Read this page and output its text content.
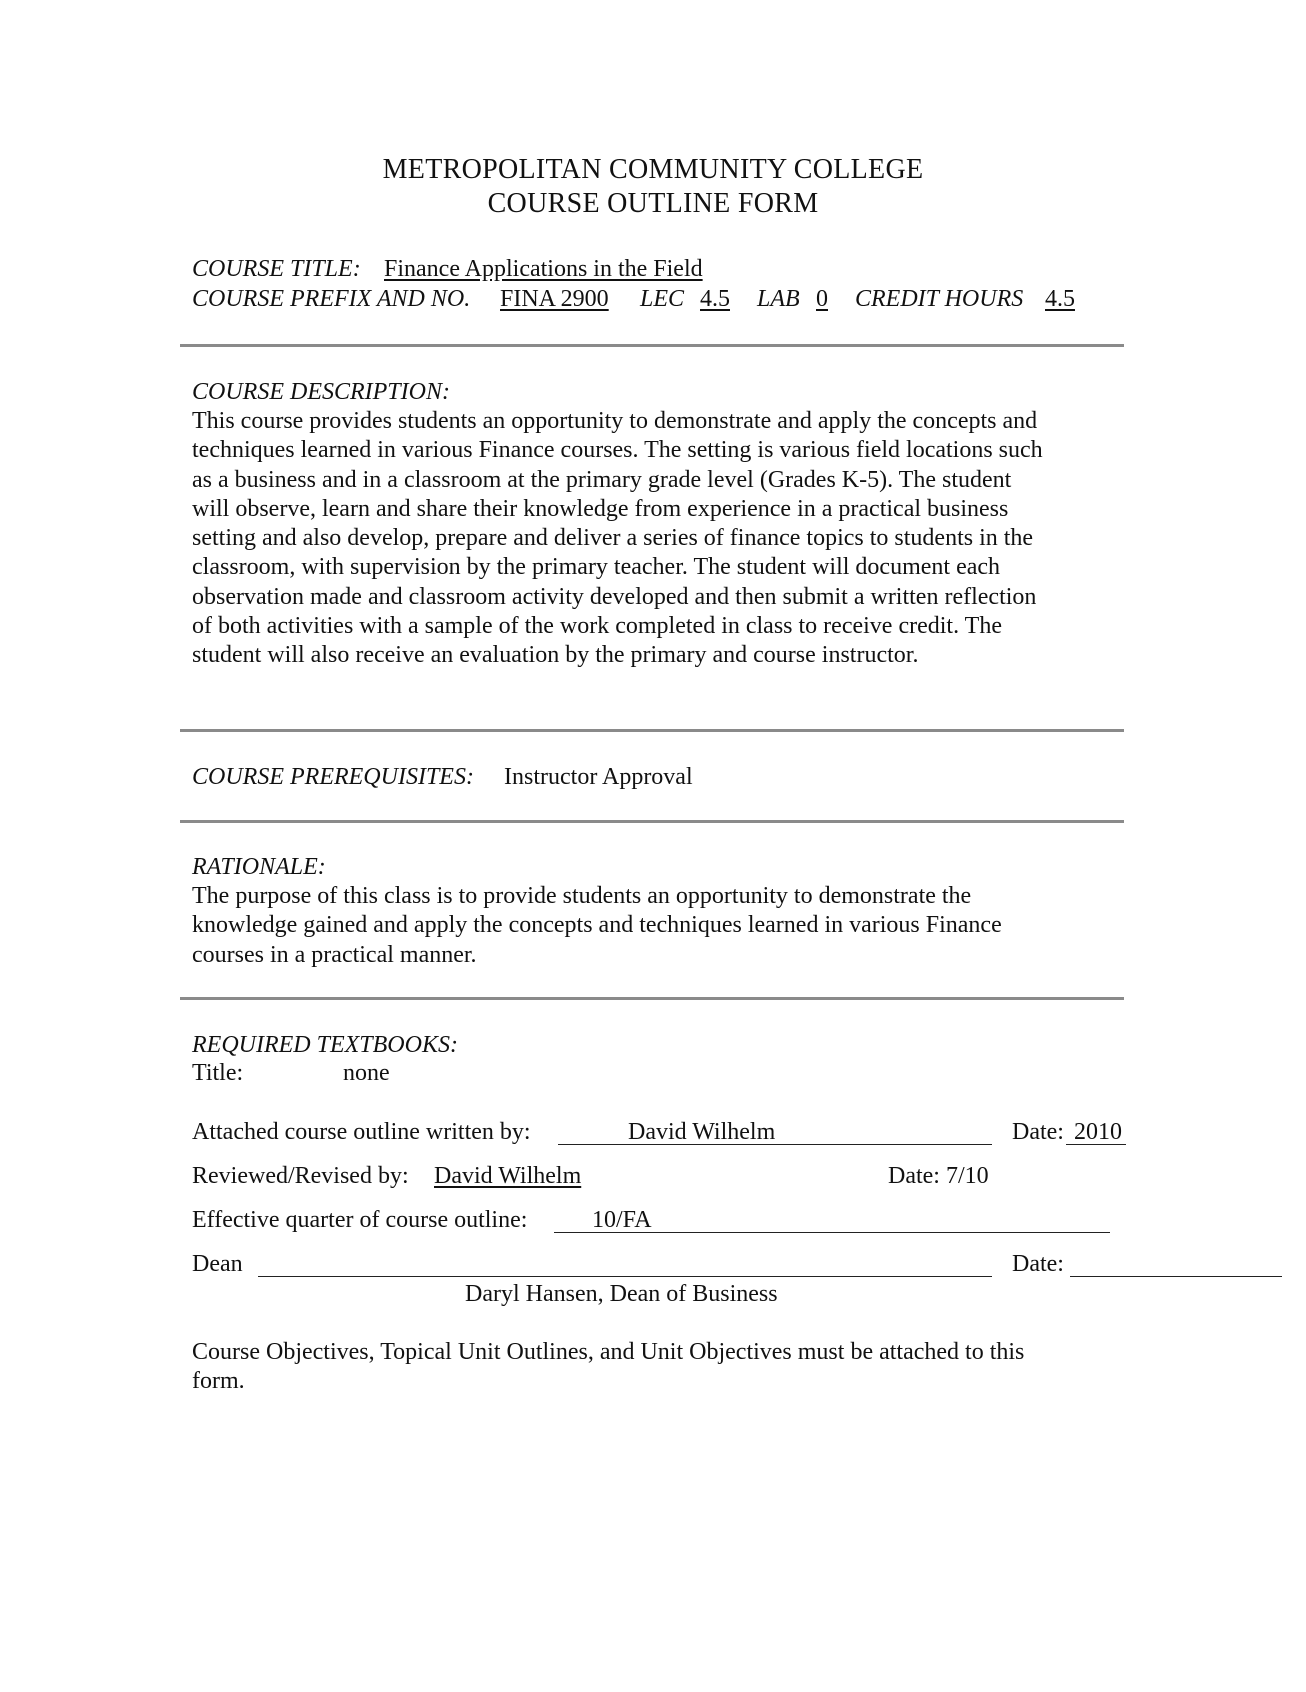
METROPOLITAN COMMUNITY COLLEGE
COURSE OUTLINE FORM
COURSE TITLE: Finance Applications in the Field
COURSE PREFIX AND NO. FINA 2900 LEC 4.5 LAB 0 CREDIT HOURS 4.5
COURSE DESCRIPTION:
This course provides students an opportunity to demonstrate and apply the concepts and
techniques learned in various Finance courses. The setting is various field locations such
as a business and in a classroom at the primary grade level (Grades K-5). The student
will observe, learn and share their knowledge from experience in a practical business
setting and also develop, prepare and deliver a series of finance topics to students in the
classroom, with supervision by the primary teacher. The student will document each
observation made and classroom activity developed and then submit a written reflection
of both activities with a sample of the work completed in class to receive credit. The
student will also receive an evaluation by the primary and course instructor.
COURSE PREREQUISITES: Instructor Approval
RATIONALE:
The purpose of this class is to provide students an opportunity to demonstrate the
knowledge gained and apply the concepts and techniques learned in various Finance
courses in a practical manner.
REQUIRED TEXTBOOKS:
Title:	none
Attached course outline written by:	David Wilhelm	Date: 2010
Reviewed/Revised by: David Wilhelm	Date: 7/10
Effective quarter of course outline:	10/FA
Dean	Date:
Daryl Hansen, Dean of Business
Course Objectives, Topical Unit Outlines, and Unit Objectives must be attached to this
form.
